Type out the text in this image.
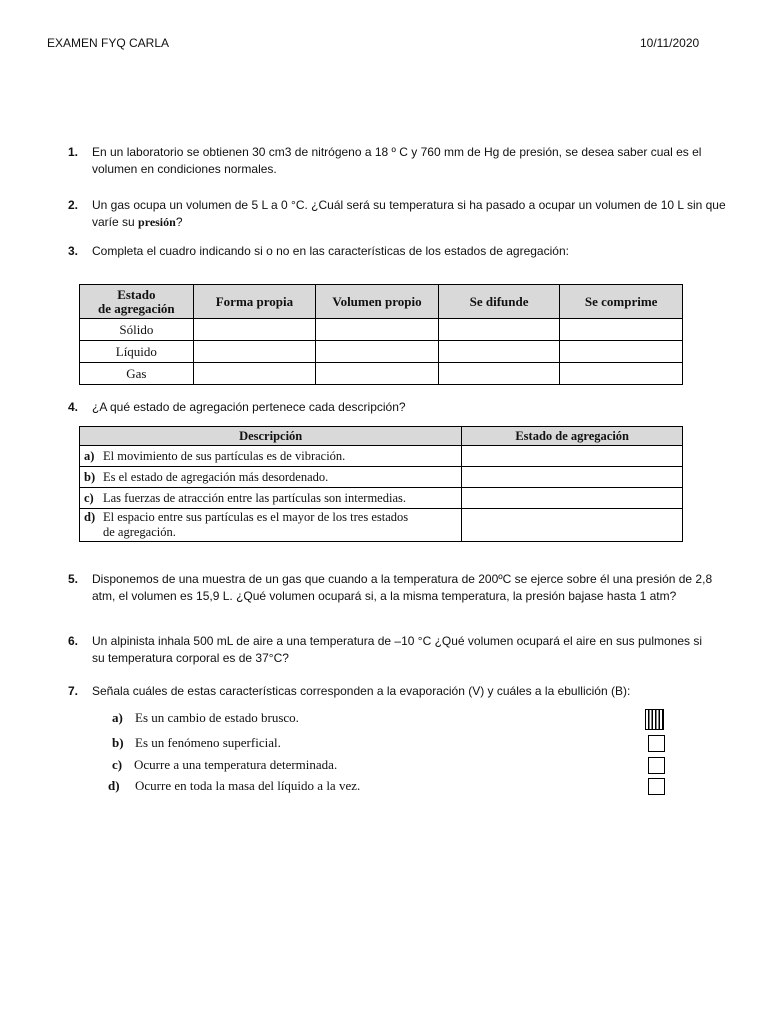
EXAMEN FYQ CARLA	10/11/2020
1.	En un laboratorio se obtienen 30 cm3 de nitrógeno a 18 º C y 760 mm de Hg de presión, se desea saber cual es el volumen en condiciones normales.
2.	Un gas ocupa un volumen de 5 L a 0 °C. ¿Cuál será su temperatura si ha pasado a ocupar un volumen de 10 L sin que varíe su presión?
3.	Completa el cuadro indicando si o no en las características de los estados de agregación:
Estado
de agregación	Forma propia	Volumen propio	Se difunde	Se comprime
Sólido				
Líquido				
Gas				
4.	¿A qué estado de agregación pertenece cada descripción?
Descripción	Estado de agregación
a) El movimiento de sus partículas es de vibración.	
b) Es el estado de agregación más desordenado.	
c) Las fuerzas de atracción entre las partículas son intermedias.	
d) El espacio entre sus partículas es el mayor de los tres estados
de agregación.	
5.	Disponemos de una muestra de un gas que cuando a la temperatura de 200ºC se ejerce sobre él una presión de 2,8 atm, el volumen es 15,9 L. ¿Qué volumen ocupará si, a la misma temperatura, la presión bajase hasta 1 atm?
6.	Un alpinista inhala 500 mL de aire a una temperatura de –10 °C ¿Qué volumen ocupará el aire en sus pulmones si su temperatura corporal es de 37°C?
7.	Señala cuáles de estas características corresponden a la evaporación (V) y cuáles a la ebullición (B):
a) Es un cambio de estado brusco.
b) Es un fenómeno superficial.
c) Ocurre a una temperatura determinada.
d) Ocurre en toda la masa del líquido a la vez.
